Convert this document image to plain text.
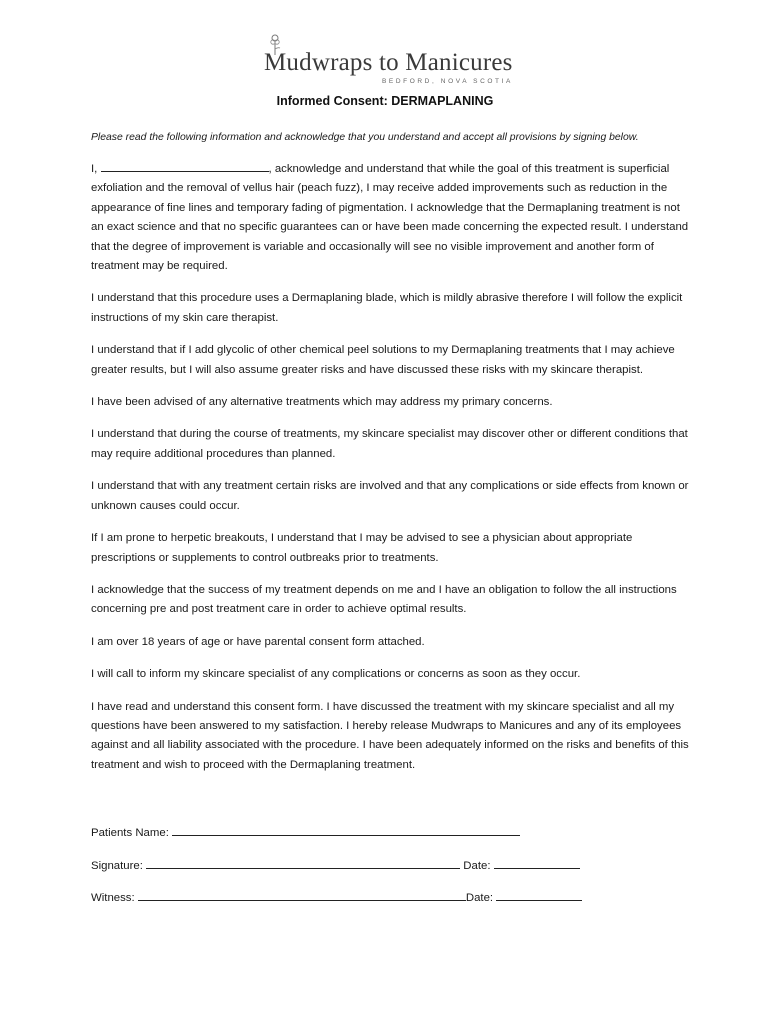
Mudwraps to Manicures
BEDFORD, NOVA SCOTIA
Informed Consent: DERMAPLANING

Please read the following information and acknowledge that you understand and accept all provisions by signing below.

I,	, acknowledge and understand that while the goal of this treatment is superficial exfoliation and the removal of vellus hair (peach fuzz), I may receive added improvements such as reduction in the appearance of fine lines and temporary fading of pigmentation. I acknowledge that the Dermaplaning treatment is not an exact science and that no specific guarantees can or have been made concerning the expected result. I understand that the degree of improvement is variable and occasionally will see no visible improvement and another form of treatment may be required.

I understand that this procedure uses a Dermaplaning blade, which is mildly abrasive therefore I will follow the explicit instructions of my skin care therapist.

I understand that if I add glycolic of other chemical peel solutions to my Dermaplaning treatments that I may achieve greater results, but I will also assume greater risks and have discussed these risks with my skincare therapist.

I have been advised of any alternative treatments which may address my primary concerns.

I understand that during the course of treatments, my skincare specialist may discover other or different conditions that may require additional procedures than planned.

I understand that with any treatment certain risks are involved and that any complications or side effects from known or unknown causes could occur.

If I am prone to herpetic breakouts, I understand that I may be advised to see a physician about appropriate prescriptions or supplements to control outbreaks prior to treatments.

I acknowledge that the success of my treatment depends on me and I have an obligation to follow the all instructions concerning pre and post treatment care in order to achieve optimal results.

I am over 18 years of age or have parental consent form attached.

I will call to inform my skincare specialist of any complications or concerns as soon as they occur.

I have read and understand this consent form. I have discussed the treatment with my skincare specialist and all my questions have been answered to my satisfaction. I hereby release Mudwraps to Manicures and any of its employees against and all liability associated with the procedure. I have been adequately informed on the risks and benefits of this treatment and wish to proceed with the Dermaplaning treatment.

Patients Name:
Signature:	Date:
Witness:	Date:
